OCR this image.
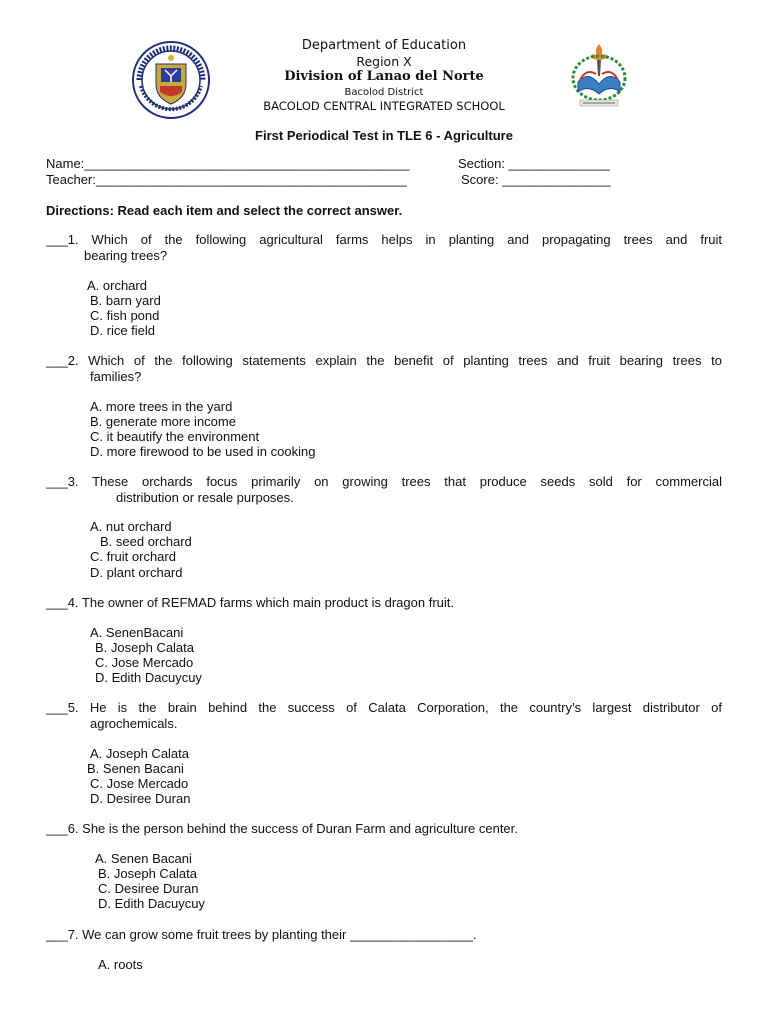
Department of Education
Region X
Division of Lanao del Norte
Bacolod District
BACOLOD CENTRAL INTEGRATED SCHOOL
First Periodical Test in TLE 6 - Agriculture
Name:_____________________________________________	Section: ______________
Teacher:___________________________________________	Score: _______________
Directions: Read each item and select the correct answer.
___1. Which of the following agricultural farms helps in planting and propagating trees and fruit
bearing trees?
A. orchard
B. barn yard
C. fish pond
D. rice field
___2. Which of the following statements explain the benefit of planting trees and fruit bearing trees to
families?
A. more trees in the yard
B. generate more income
C. it beautify the environment
D. more firewood to be used in cooking
___3. These orchards focus primarily on growing trees that produce seeds sold for commercial
distribution or resale purposes.
A. nut orchard
B. seed orchard
C. fruit orchard
D. plant orchard
___4. The owner of REFMAD farms which main product is dragon fruit.
A. SenenBacani
B. Joseph Calata
C. Jose Mercado
D. Edith Dacuycuy
___5. He is the brain behind the success of Calata Corporation, the country’s largest distributor of
agrochemicals.
A. Joseph Calata
B. Senen Bacani
C. Jose Mercado
D. Desiree Duran
___6. She is the person behind the success of Duran Farm and agriculture center.
A. Senen Bacani
B. Joseph Calata
C. Desiree Duran
D. Edith Dacuycuy
___7. We can grow some fruit trees by planting their _________________.
A. roots
